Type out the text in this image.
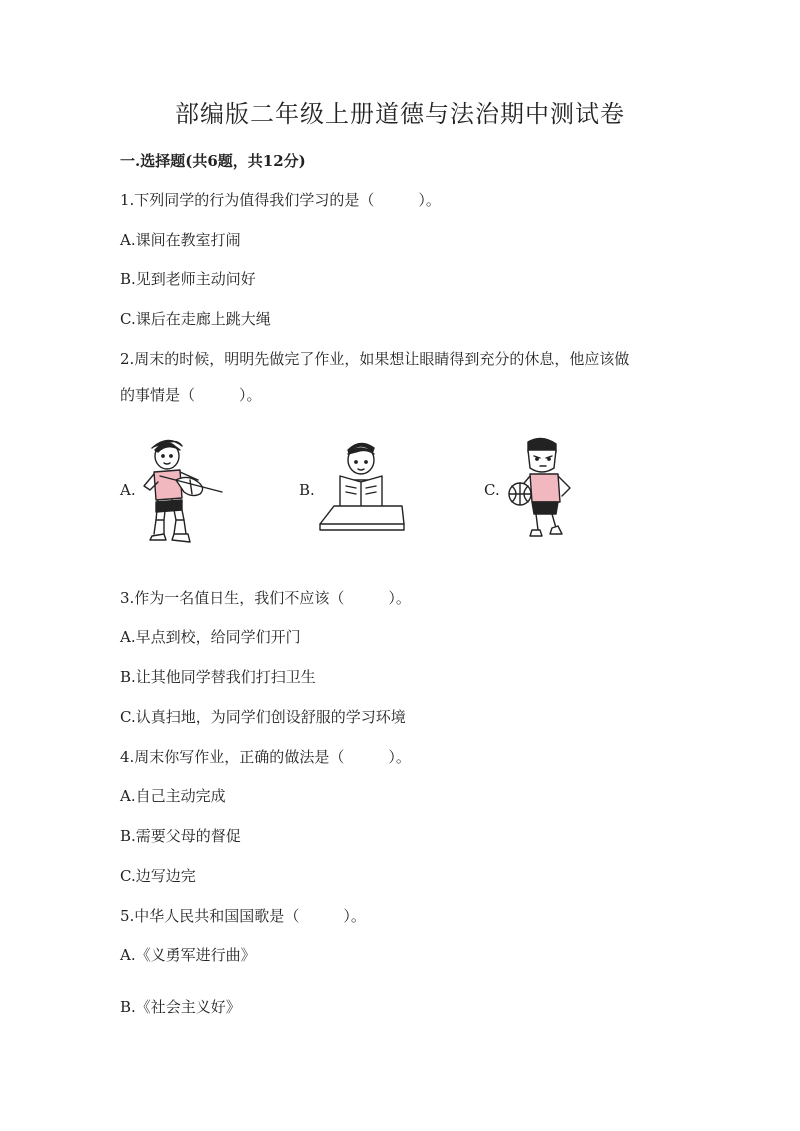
部编版二年级上册道德与法治期中测试卷
一.选择题(共6题，共12分)
1.下列同学的行为值得我们学习的是（	）。
A.课间在教室打闹
B.见到老师主动问好
C.课后在走廊上跳大绳
2.周末的时候，明明先做完了作业，如果想让眼睛得到充分的休息，他应该做
的事情是（	）。
A.	B.	C.
3.作为一名值日生，我们不应该（	）。
A.早点到校，给同学们开门
B.让其他同学替我们打扫卫生
C.认真扫地，为同学们创设舒服的学习环境
4.周末你写作业，正确的做法是（	）。
A.自己主动完成
B.需要父母的督促
C.边写边完
5.中华人民共和国国歌是（	）。
A.《义勇军进行曲》
B.《社会主义好》
